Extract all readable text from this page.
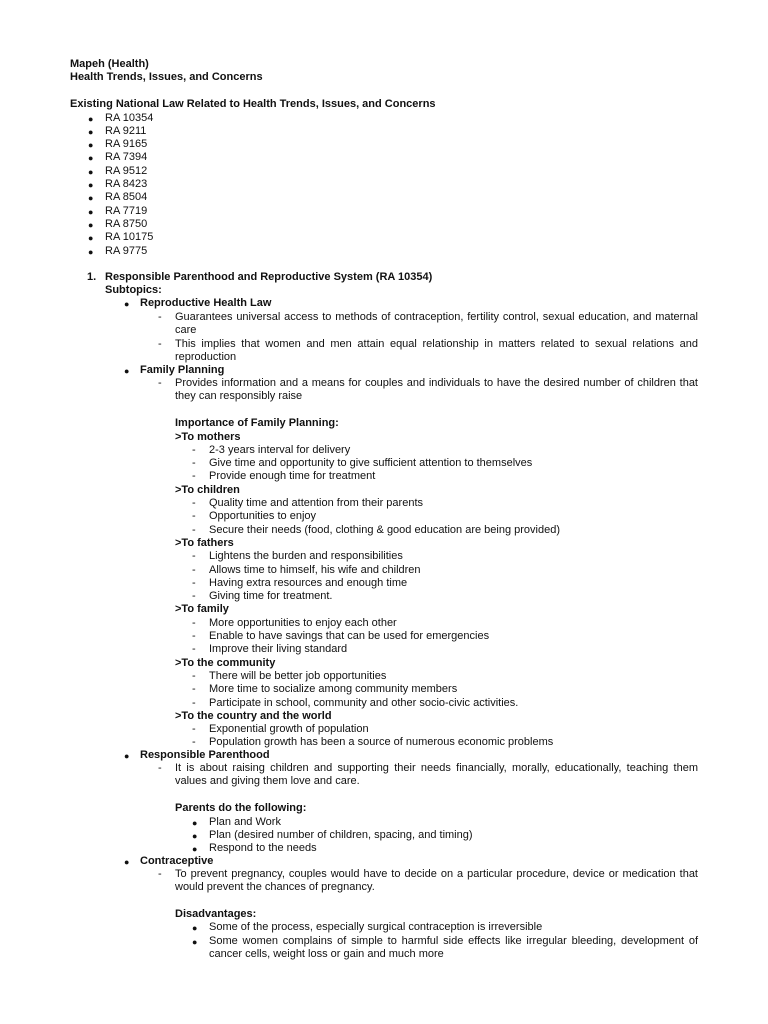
Mapeh (Health)
Health Trends, Issues, and Concerns
Existing National Law Related to Health Trends, Issues, and Concerns
● RA 10354
● RA 9211
● RA 9165
● RA 7394
● RA 9512
● RA 8423
● RA 8504
● RA 7719
● RA 8750
● RA 10175
● RA 9775
1. Responsible Parenthood and Reproductive System (RA 10354)
Subtopics:
● Reproductive Health Law
- Guarantees universal access to methods of contraception, fertility control, sexual education, and maternal care
- This implies that women and men attain equal relationship in matters related to sexual relations and reproduction
● Family Planning
- Provides information and a means for couples and individuals to have the desired number of children that they can responsibly raise
Importance of Family Planning:
>To mothers
- 2-3 years interval for delivery
- Give time and opportunity to give sufficient attention to themselves
- Provide enough time for treatment
>To children
- Quality time and attention from their parents
- Opportunities to enjoy
- Secure their needs (food, clothing & good education are being provided)
>To fathers
- Lightens the burden and responsibilities
- Allows time to himself, his wife and children
- Having extra resources and enough time
- Giving time for treatment.
>To family
- More opportunities to enjoy each other
- Enable to have savings that can be used for emergencies
- Improve their living standard
>To the community
- There will be better job opportunities
- More time to socialize among community members
- Participate in school, community and other socio-civic activities.
>To the country and the world
- Exponential growth of population
- Population growth has been a source of numerous economic problems
● Responsible Parenthood
- It is about raising children and supporting their needs financially, morally, educationally, teaching them values and giving them love and care.
Parents do the following:
● Plan and Work
● Plan (desired number of children, spacing, and timing)
● Respond to the needs
● Contraceptive
- To prevent pregnancy, couples would have to decide on a particular procedure, device or medication that would prevent the chances of pregnancy.
Disadvantages:
● Some of the process, especially surgical contraception is irreversible
● Some women complains of simple to harmful side effects like irregular bleeding, development of cancer cells, weight loss or gain and much more
